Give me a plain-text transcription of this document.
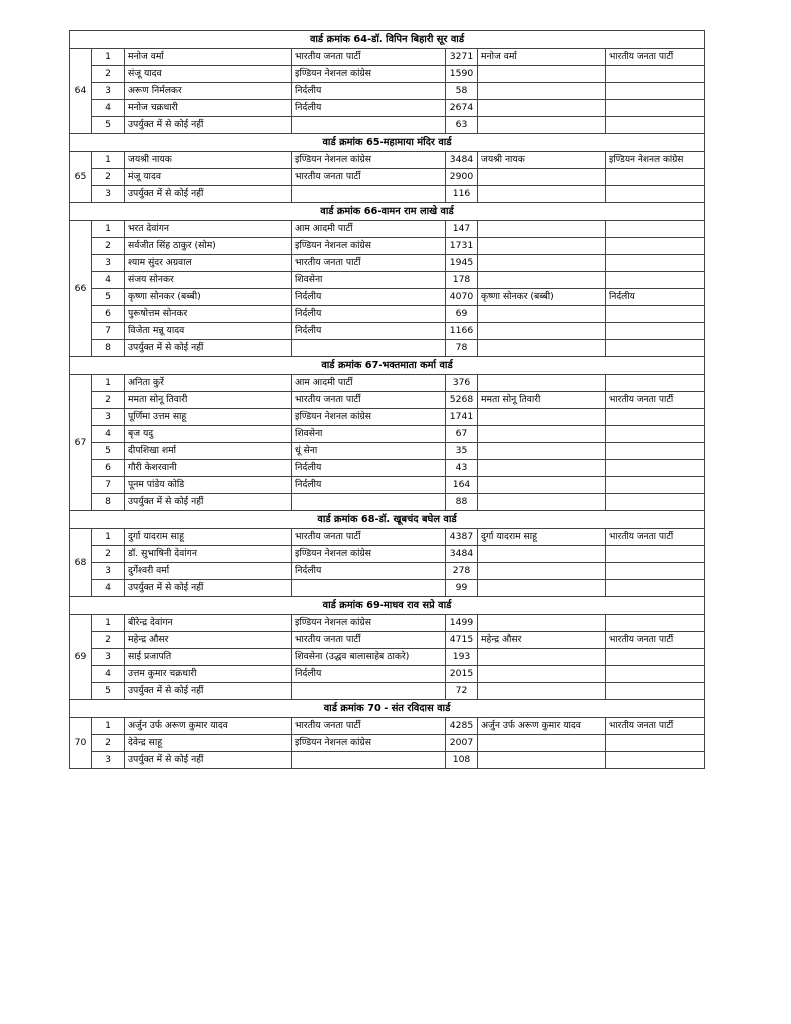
वार्ड क्रमांक 64-डॉ. विपिन बिहारी सूर वार्ड						
64	1	मनोज वर्मा	भारतीय जनता पार्टी	3271	मनोज वर्मा	भारतीय जनता पार्टी
	2	संजू यादव	इण्डियन नेशनल कांग्रेस	1590		
	3	अरूण निर्मलकर	निर्दलीय	58		
	4	मनोज चक्रधारी	निर्दलीय	2674		
	5	उपर्युक्त में से कोई नहीं		63		
वार्ड क्रमांक 65-महामाया मंदिर वार्ड						
65	1	जयश्री नायक	इण्डियन नेशनल कांग्रेस	3484	जयश्री नायक	इण्डियन नेशनल कांग्रेस
	2	मंजू यादव	भारतीय जनता पार्टी	2900		
	3	उपर्युक्त में से कोई नहीं		116		
वार्ड क्रमांक 66-वामन राम लाखे वार्ड						
66	1	भरत देवांगन	आम आदमी पार्टी	147		
	2	सर्वजीत सिंह ठाकुर (सोम)	इण्डियन नेशनल कांग्रेस	1731		
	3	श्याम सुंदर अग्रवाल	भारतीय जनता पार्टी	1945		
	4	संजय सोनकर	शिवसेना	178		
	5	कृष्णा सोनकर (बब्बी)	निर्दलीय	4070	कृष्णा सोनकर (बब्बी)	निर्दलीय
	6	पुरूषोत्तम सोनकर	निर्दलीय	69		
	7	विजेता मन्नू यादव	निर्दलीय	1166		
	8	उपर्युक्त में से कोई नहीं		78		
वार्ड क्रमांक 67-भक्तमाता कर्मा वार्ड						
67	1	अनिता कुर्रे	आम आदमी पार्टी	376		
	2	ममता सोनू तिवारी	भारतीय जनता पार्टी	5268	ममता सोनू तिवारी	भारतीय जनता पार्टी
	3	पूर्णिमा उत्तम साहू	इण्डियन नेशनल कांग्रेस	1741		
	4	बृज यदु	शिवसेना	67		
	5	दीपशिखा शर्मा	धूं सेना	35		
	6	गौरी केशरवानी	निर्दलीय	43		
	7	पूनम पांडेय कोडि	निर्दलीय	164		
	8	उपर्युक्त में से कोई नहीं		88		
वार्ड क्रमांक 68-डॉ. खूबचंद बघेल वार्ड						
68	1	दुर्गा यादराम साहू	भारतीय जनता पार्टी	4387	दुर्गा यादराम साहू	भारतीय जनता पार्टी
	2	डॉ. सुभाषिनी देवांगन	इण्डियन नेशनल कांग्रेस	3484		
	3	दुर्गेश्वरी वर्मा	निर्दलीय	278		
	4	उपर्युक्त में से कोई नहीं		99		
वार्ड क्रमांक 69-माधव राव सप्रे वार्ड						
69	1	बीरेन्द्र देवांगन	इण्डियन नेशनल कांग्रेस	1499		
	2	महेन्द्र औसर	भारतीय जनता पार्टी	4715	महेन्द्र औसर	भारतीय जनता पार्टी
	3	साई प्रजापति	शिवसेना (उद्धव बालासाहेब ठाकरे)	193		
	4	उत्तम कुमार चक्रधारी	निर्दलीय	2015		
	5	उपर्युक्त में से कोई नहीं		72		
वार्ड क्रमांक 70 - संत रविदास वार्ड						
70	1	अर्जुन उर्फ अरूण कुमार यादव	भारतीय जनता पार्टी	4285	अर्जुन उर्फ अरूण कुमार यादव	भारतीय जनता पार्टी
	2	देवेन्द्र साहू	इण्डियन नेशनल कांग्रेस	2007		
	3	उपर्युक्त में से कोई नहीं		108		
